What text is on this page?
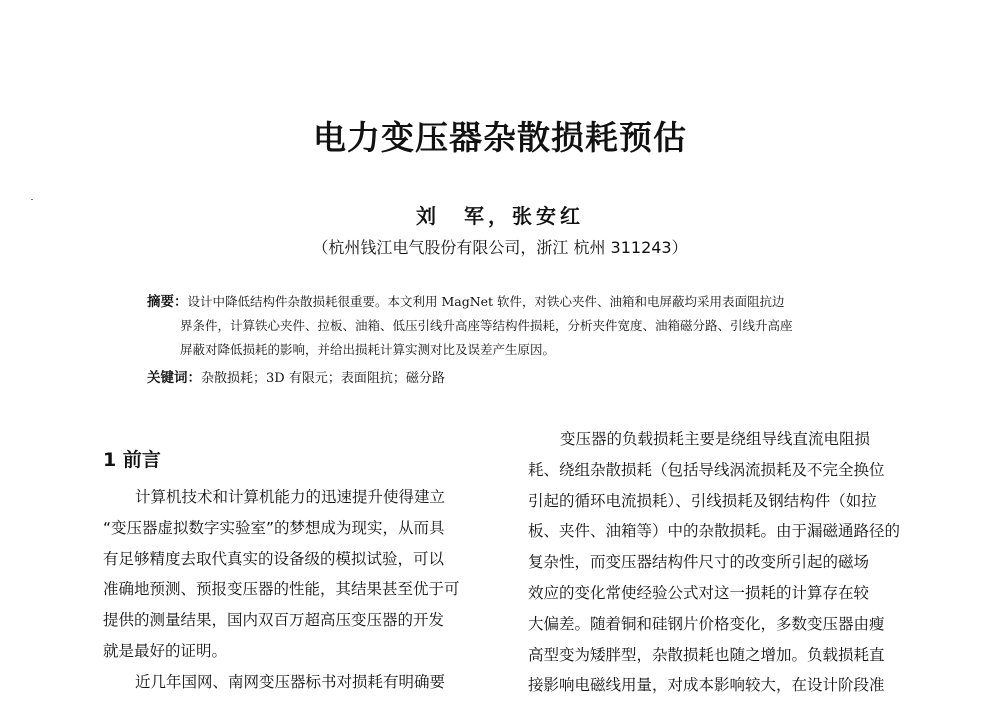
电力变压器杂散损耗预估
刘　军，张安红
（杭州钱江电气股份有限公司，浙江 杭州 311243）
摘要：设计中降低结构件杂散损耗很重要。本文利用 MagNet 软件，对铁心夹件、油箱和电屏蔽均采用表面阻抗边
界条件，计算铁心夹件、拉板、油箱、低压引线升高座等结构件损耗，分析夹件宽度、油箱磁分路、引线升高座
屏蔽对降低损耗的影响，并给出损耗计算实测对比及误差产生原因。
关键词：杂散损耗；3D 有限元；表面阻抗；磁分路
1 前言
计算机技术和计算机能力的迅速提升使得建立
“变压器虚拟数字实验室”的梦想成为现实，从而具
有足够精度去取代真实的设备级的模拟试验，可以
准确地预测、预报变压器的性能，其结果甚至优于可
提供的测量结果，国内双百万超高压变压器的开发
就是最好的证明。
近几年国网、南网变压器标书对损耗有明确要
变压器的负载损耗主要是绕组导线直流电阻损
耗、绕组杂散损耗（包括导线涡流损耗及不完全换位
引起的循环电流损耗）、引线损耗及钢结构件（如拉
板、夹件、油箱等）中的杂散损耗。由于漏磁通路径的
复杂性，而变压器结构件尺寸的改变所引起的磁场
效应的变化常使经验公式对这一损耗的计算存在较
大偏差。随着铜和硅钢片价格变化，多数变压器由瘦
高型变为矮胖型，杂散损耗也随之增加。负载损耗直
接影响电磁线用量，对成本影响较大，在设计阶段准
